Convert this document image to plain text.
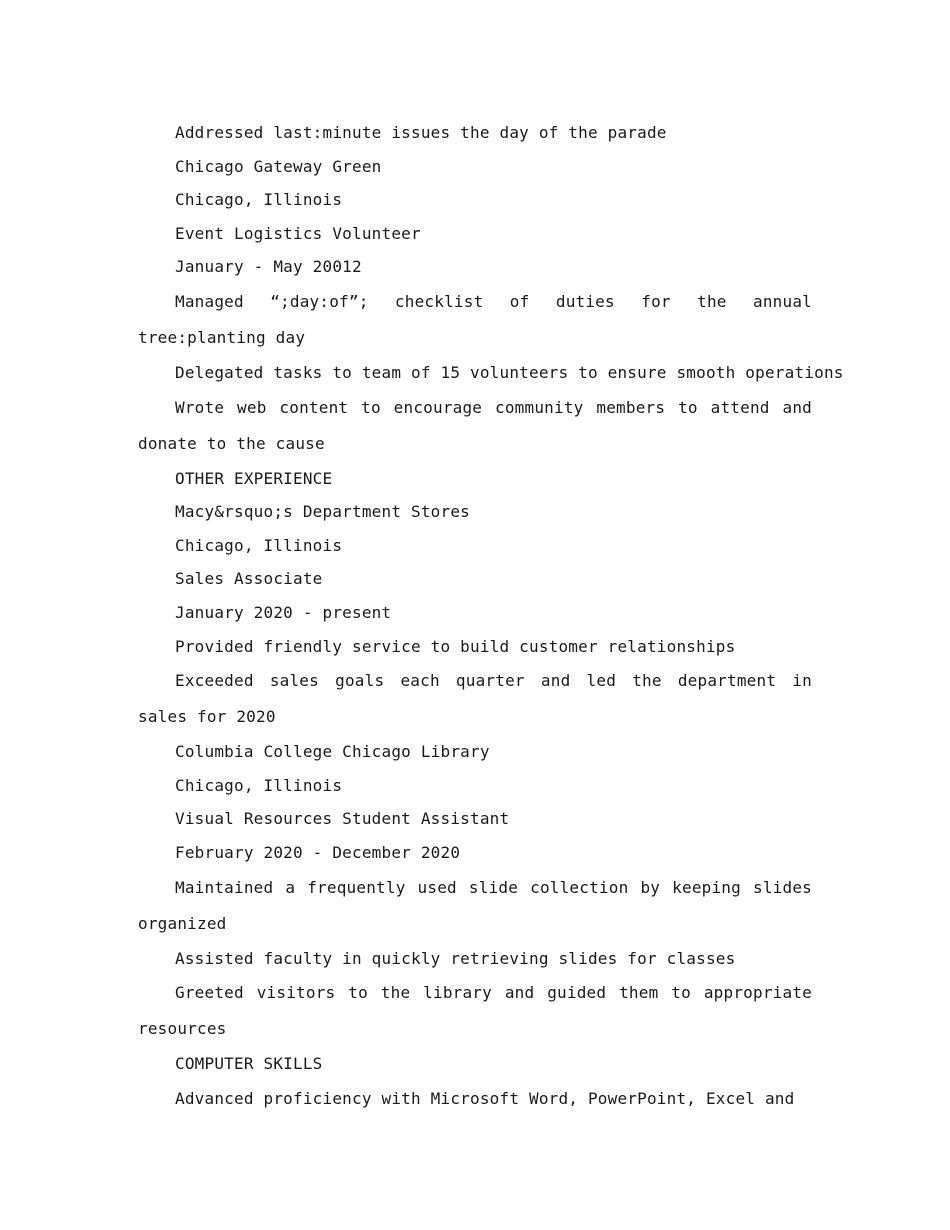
Addressed last:minute issues the day of the parade

Chicago Gateway Green

Chicago, Illinois

Event Logistics Volunteer

January - May 20012

Managed “;day:of”; checklist of duties for the annual tree:planting day

Delegated tasks to team of 15 volunteers to ensure smooth operations

Wrote web content to encourage community members to attend and donate to the cause

OTHER EXPERIENCE

Macy&rsquo;s Department Stores

Chicago, Illinois

Sales Associate

January 2020 - present

Provided friendly service to build customer relationships

Exceeded sales goals each quarter and led the department in sales for 2020

Columbia College Chicago Library

Chicago, Illinois

Visual Resources Student Assistant

February 2020 - December 2020

Maintained a frequently used slide collection by keeping slides organized

Assisted faculty in quickly retrieving slides for classes

Greeted visitors to the library and guided them to appropriate resources

COMPUTER SKILLS

Advanced proficiency with Microsoft Word, PowerPoint, Excel and
